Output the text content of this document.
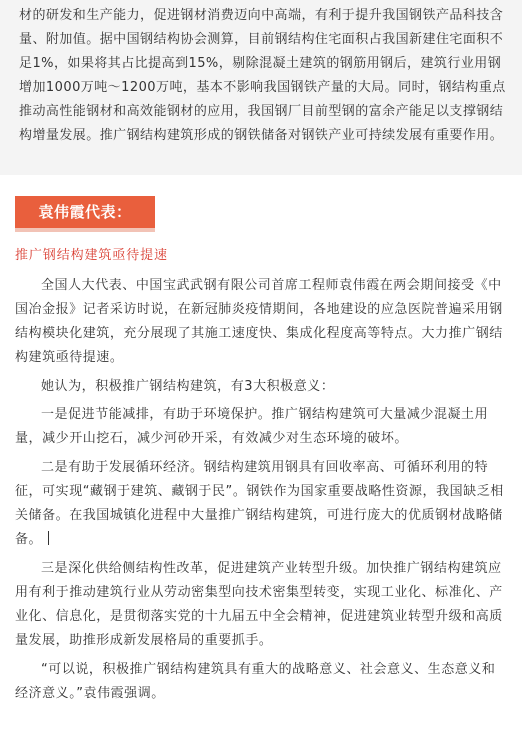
材的研发和生产能力，促进钢材消费迈向中高端，有利于提升我国钢铁产品科技含量、附加值。据中国钢结构协会测算，目前钢结构住宅面积占我国新建住宅面积不足1%，如果将其占比提高到15%，剔除混凝土建筑的钢筋用钢后，建筑行业用钢增加1000万吨～1200万吨，基本不影响我国钢铁产量的大局。同时，钢结构重点推动高性能钢材和高效能钢材的应用，我国钢厂目前型钢的富余产能足以支撑钢结构增量发展。推广钢结构建筑形成的钢铁储备对钢铁产业可持续发展有重要作用。
袁伟霞代表：
推广钢结构建筑亟待提速

全国人大代表、中国宝武武钢有限公司首席工程师袁伟霞在两会期间接受《中国冶金报》记者采访时说，在新冠肺炎疫情期间，各地建设的应急医院普遍采用钢结构模块化建筑，充分展现了其施工速度快、集成化程度高等特点。大力推广钢结构建筑亟待提速。

她认为，积极推广钢结构建筑，有3大积极意义：

一是促进节能减排，有助于环境保护。推广钢结构建筑可大量减少混凝土用量，减少开山挖石，减少河砂开采，有效减少对生态环境的破坏。

二是有助于发展循环经济。钢结构建筑用钢具有回收率高、可循环利用的特征，可实现“藏钢于建筑、藏钢于民”。钢铁作为国家重要战略性资源，我国缺乏相关储备。在我国城镇化进程中大量推广钢结构建筑，可进行庞大的优质钢材战略储备。

三是深化供给侧结构性改革，促进建筑产业转型升级。加快推广钢结构建筑应用有利于推动建筑行业从劳动密集型向技术密集型转变，实现工业化、标准化、产业化、信息化，是贯彻落实党的十九届五中全会精神，促进建筑业转型升级和高质量发展，助推形成新发展格局的重要抓手。

“可以说，积极推广钢结构建筑具有重大的战略意义、社会意义、生态意义和经济意义。”袁伟霞强调。
